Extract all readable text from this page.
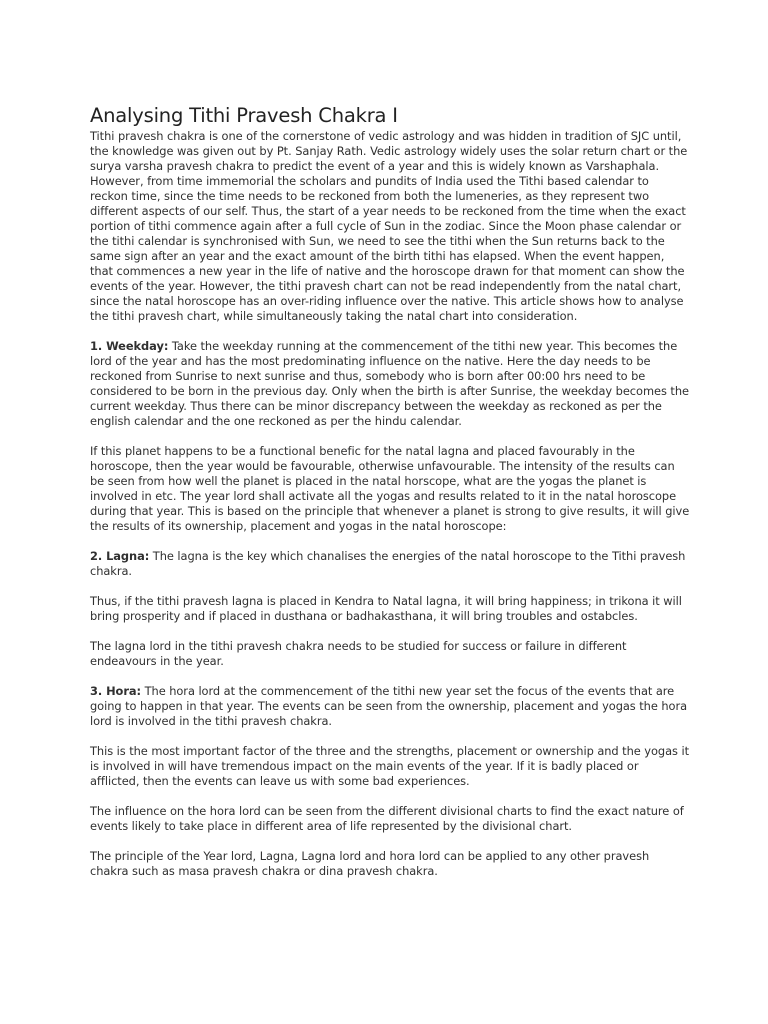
Analysing Tithi Pravesh Chakra I

Tithi pravesh chakra is one of the cornerstone of vedic astrology and was hidden in tradition of SJC until, the knowledge was given out by Pt. Sanjay Rath. Vedic astrology widely uses the solar return chart or the surya varsha pravesh chakra to predict the event of a year and this is widely known as Varshaphala. However, from time immemorial the scholars and pundits of India used the Tithi based calendar to reckon time, since the time needs to be reckoned from both the lumeneries, as they represent two different aspects of our self. Thus, the start of a year needs to be reckoned from the time when the exact portion of tithi commence again after a full cycle of Sun in the zodiac. Since the Moon phase calendar or the tithi calendar is synchronised with Sun, we need to see the tithi when the Sun returns back to the same sign after an year and the exact amount of the birth tithi has elapsed. When the event happen, that commences a new year in the life of native and the horoscope drawn for that moment can show the events of the year. However, the tithi pravesh chart can not be read independently from the natal chart, since the natal horoscope has an over-riding influence over the native. This article shows how to analyse the tithi pravesh chart, while simultaneously taking the natal chart into consideration.

1. Weekday: Take the weekday running at the commencement of the tithi new year. This becomes the lord of the year and has the most predominating influence on the native. Here the day needs to be reckoned from Sunrise to next sunrise and thus, somebody who is born after 00:00 hrs need to be considered to be born in the previous day. Only when the birth is after Sunrise, the weekday becomes the current weekday. Thus there can be minor discrepancy between the weekday as reckoned as per the english calendar and the one reckoned as per the hindu calendar.

If this planet happens to be a functional benefic for the natal lagna and placed favourably in the horoscope, then the year would be favourable, otherwise unfavourable. The intensity of the results can be seen from how well the planet is placed in the natal horscope, what are the yogas the planet is involved in etc. The year lord shall activate all the yogas and results related to it in the natal horoscope during that year. This is based on the principle that whenever a planet is strong to give results, it will give the results of its ownership, placement and yogas in the natal horoscope:

2. Lagna: The lagna is the key which chanalises the energies of the natal horoscope to the Tithi pravesh chakra.

Thus, if the tithi pravesh lagna is placed in Kendra to Natal lagna, it will bring happiness; in trikona it will bring prosperity and if placed in dusthana or badhakasthana, it will bring troubles and ostabcles.

The lagna lord in the tithi pravesh chakra needs to be studied for success or failure in different endeavours in the year.

3. Hora: The hora lord at the commencement of the tithi new year set the focus of the events that are going to happen in that year. The events can be seen from the ownership, placement and yogas the hora lord is involved in the tithi pravesh chakra.

This is the most important factor of the three and the strengths, placement or ownership and the yogas it is involved in will have tremendous impact on the main events of the year. If it is badly placed or afflicted, then the events can leave us with some bad experiences.

The influence on the hora lord can be seen from the different divisional charts to find the exact nature of events likely to take place in different area of life represented by the divisional chart.

The principle of the Year lord, Lagna, Lagna lord and hora lord can be applied to any other pravesh chakra such as masa pravesh chakra or dina pravesh chakra.
